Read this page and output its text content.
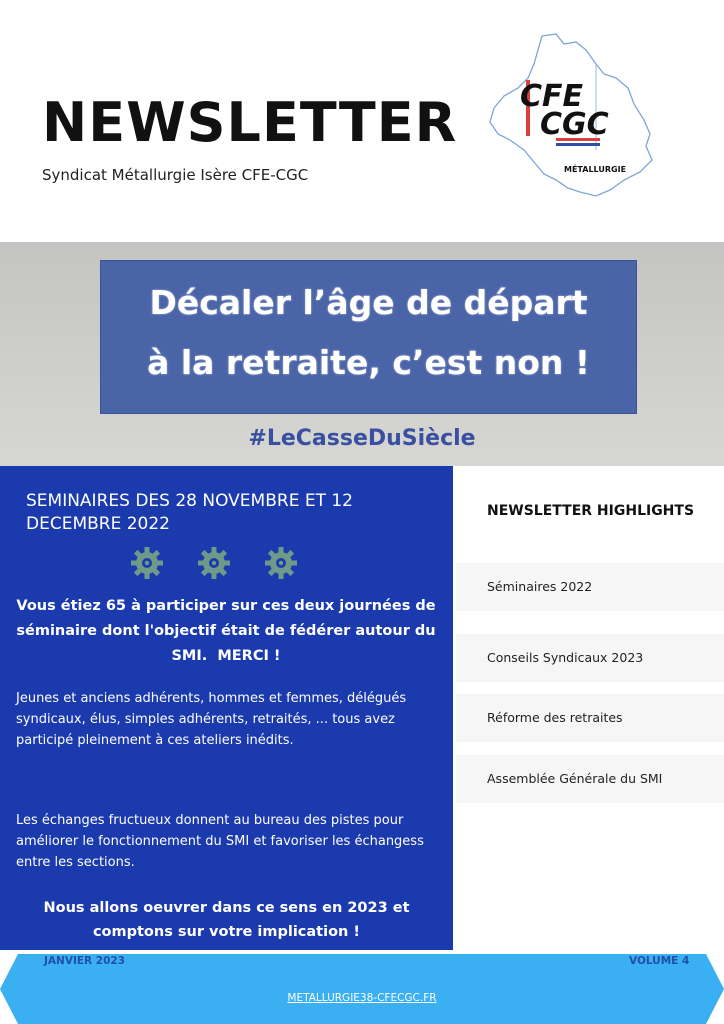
NEWSLETTER
Syndicat Métallurgie Isère CFE-CGC
CFE
CGC
MÉTALLURGIE
Décaler l’âge de départ
à la retraite, c’est non !
#LeCasseDuSiècle
SEMINAIRES DES 28 NOVEMBRE ET 12 DECEMBRE 2022
Vous étiez 65 à participer sur ces deux journées de séminaire dont l'objectif était de fédérer autour du SMI. MERCI !
Jeunes et anciens adhérents, hommes et femmes, délégués syndicaux, élus, simples adhérents, retraités, ... tous avez participé pleinement à ces ateliers inédits.
Les échanges fructueux donnent au bureau des pistes pour améliorer le fonctionnement du SMI et favoriser les échangess entre les sections.
Nous allons oeuvrer dans ce sens en 2023 et comptons sur votre implication !
NEWSLETTER HIGHLIGHTS
Séminaires 2022
Conseils Syndicaux 2023
Réforme des retraites
Assemblée Générale du SMI
JANVIER 2023	VOLUME 4
METALLURGIE38-CFECGC.FR
